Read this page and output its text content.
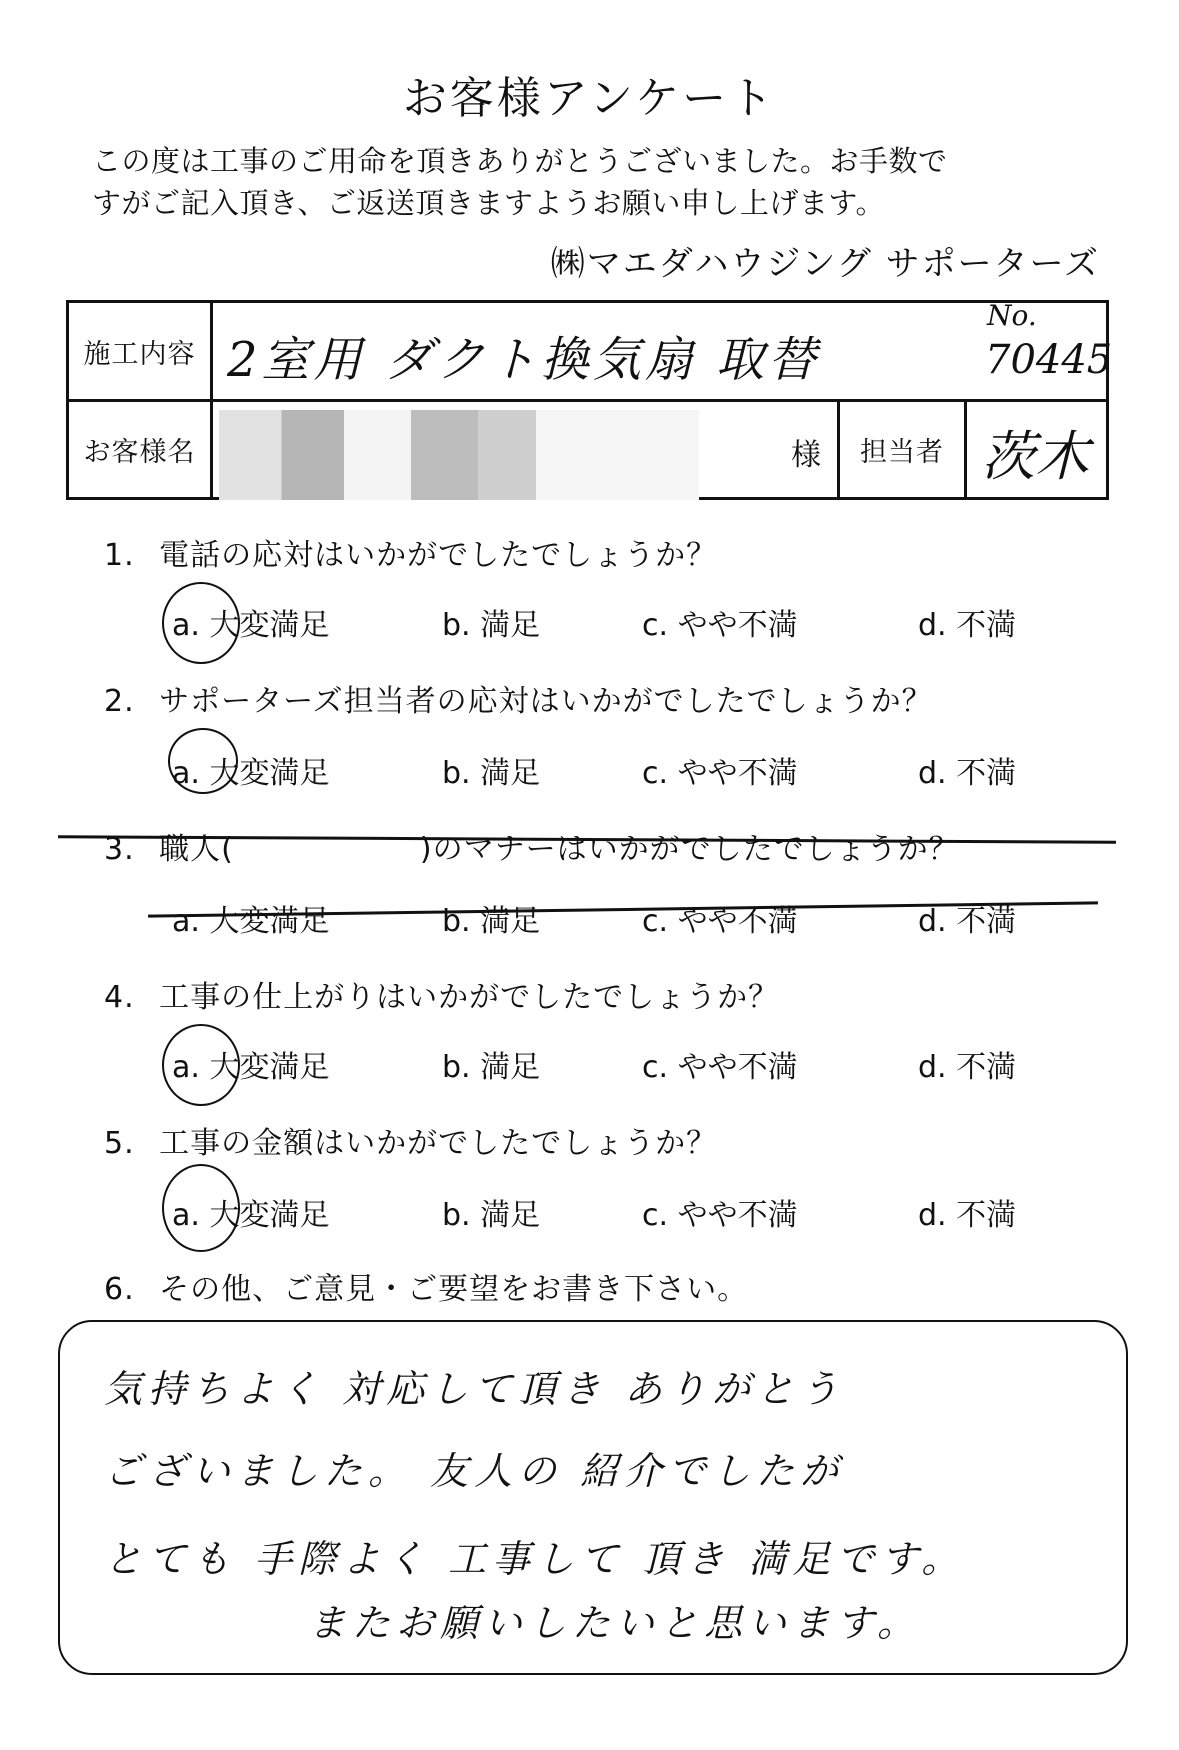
お客様アンケート
この度は工事のご用命を頂きありがとうございました。お手数で
すがご記入頂き、ご返送頂きますようお願い申し上げます。
㈱マエダハウジング サポーターズ
施工内容 2室用 ダクト換気扇 取替
No.
70445
お客様名	様 担当者 茨木
1. 電話の応対はいかがでしたでしょうか？
a. 大変満足	b. 満足	c. やや不満	d. 不満
2. サポーターズ担当者の応対はいかがでしたでしょうか？
a. 大変満足	b. 満足	c. やや不満	d. 不満
3. 職人(　　　　　　)のマナーはいかがでしたでしょうか？
a. 大変満足	b. 満足	c. やや不満	d. 不満
4. 工事の仕上がりはいかがでしたでしょうか？
a. 大変満足	b. 満足	c. やや不満	d. 不満
5. 工事の金額はいかがでしたでしょうか？
a. 大変満足	b. 満足	c. やや不満	d. 不満
6. その他、ご意見・ご要望をお書き下さい。
気持ちよく 対応して頂き ありがとう
ございました。 友人の 紹介でしたが
とても 手際よく 工事して 頂き 満足です。
またお願いしたいと思います。
